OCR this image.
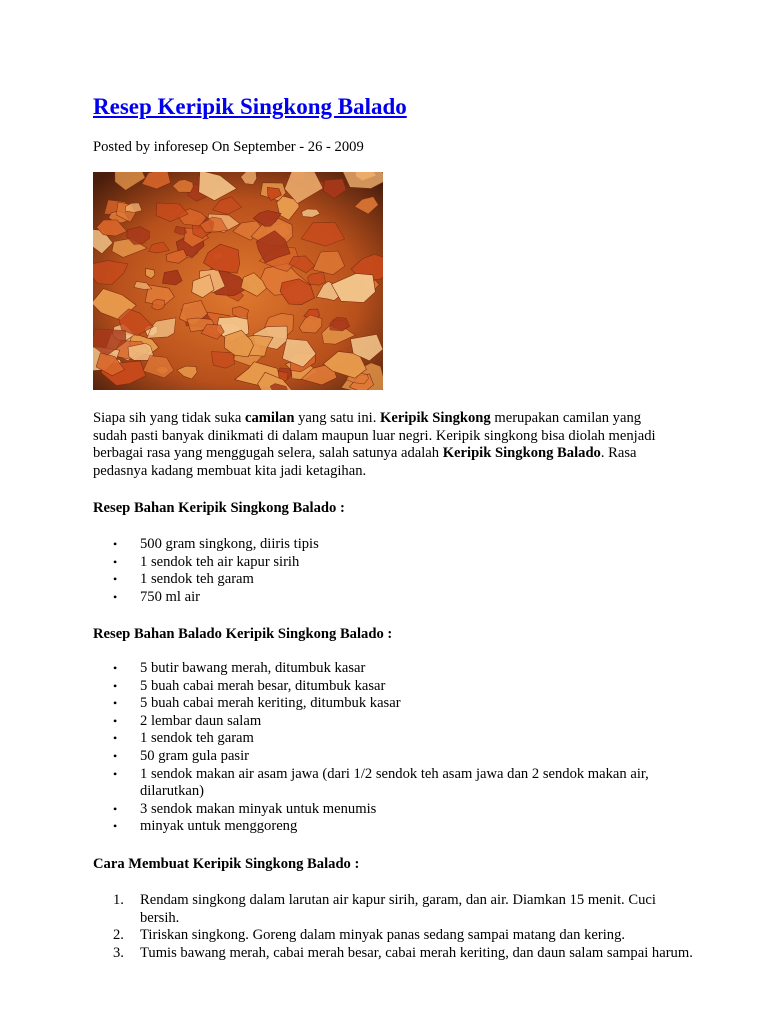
Resep Keripik Singkong Balado
Posted by inforesep On September - 26 - 2009

Siapa sih yang tidak suka camilan yang satu ini. Keripik Singkong merupakan camilan yang sudah pasti banyak dinikmati di dalam maupun luar negri. Keripik singkong bisa diolah menjadi berbagai rasa yang menggugah selera, salah satunya adalah Keripik Singkong Balado. Rasa pedasnya kadang membuat kita jadi ketagihan.

Resep Bahan Keripik Singkong Balado :
• 500 gram singkong, diiris tipis
• 1 sendok teh air kapur sirih
• 1 sendok teh garam
• 750 ml air
Resep Bahan Balado Keripik Singkong Balado :
• 5 butir bawang merah, ditumbuk kasar
• 5 buah cabai merah besar, ditumbuk kasar
• 5 buah cabai merah keriting, ditumbuk kasar
• 2 lembar daun salam
• 1 sendok teh garam
• 50 gram gula pasir
• 1 sendok makan air asam jawa (dari 1/2 sendok teh asam jawa dan 2 sendok makan air, dilarutkan)
• 3 sendok makan minyak untuk menumis
• minyak untuk menggoreng
Cara Membuat Keripik Singkong Balado :
1. Rendam singkong dalam larutan air kapur sirih, garam, dan air. Diamkan 15 menit. Cuci bersih.
2. Tiriskan singkong. Goreng dalam minyak panas sedang sampai matang dan kering.
3. Tumis bawang merah, cabai merah besar, cabai merah keriting, dan daun salam sampai harum.
